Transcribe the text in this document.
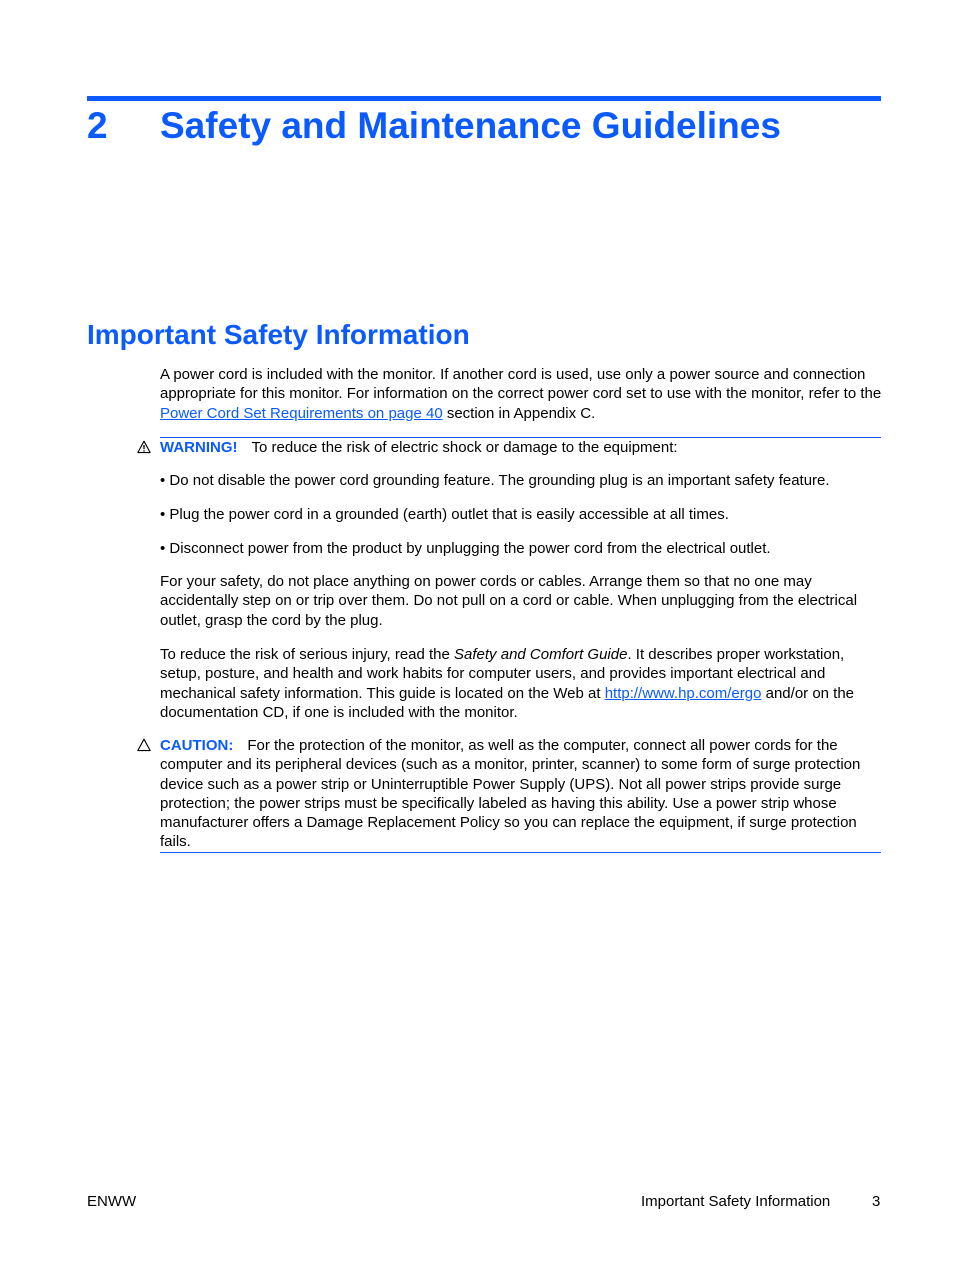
2 Safety and Maintenance Guidelines
Important Safety Information

A power cord is included with the monitor. If another cord is used, use only a power source and connection appropriate for this monitor. For information on the correct power cord set to use with the monitor, refer to the Power Cord Set Requirements on page 40 section in Appendix C.

WARNING! To reduce the risk of electric shock or damage to the equipment:

• Do not disable the power cord grounding feature. The grounding plug is an important safety feature.

• Plug the power cord in a grounded (earth) outlet that is easily accessible at all times.

• Disconnect power from the product by unplugging the power cord from the electrical outlet.

For your safety, do not place anything on power cords or cables. Arrange them so that no one may accidentally step on or trip over them. Do not pull on a cord or cable. When unplugging from the electrical outlet, grasp the cord by the plug.

To reduce the risk of serious injury, read the Safety and Comfort Guide. It describes proper workstation, setup, posture, and health and work habits for computer users, and provides important electrical and mechanical safety information. This guide is located on the Web at http://www.hp.com/ergo and/or on the documentation CD, if one is included with the monitor.

CAUTION: For the protection of the monitor, as well as the computer, connect all power cords for the computer and its peripheral devices (such as a monitor, printer, scanner) to some form of surge protection device such as a power strip or Uninterruptible Power Supply (UPS). Not all power strips provide surge protection; the power strips must be specifically labeled as having this ability. Use a power strip whose manufacturer offers a Damage Replacement Policy so you can replace the equipment, if surge protection fails.

ENWW	Important Safety Information	3
